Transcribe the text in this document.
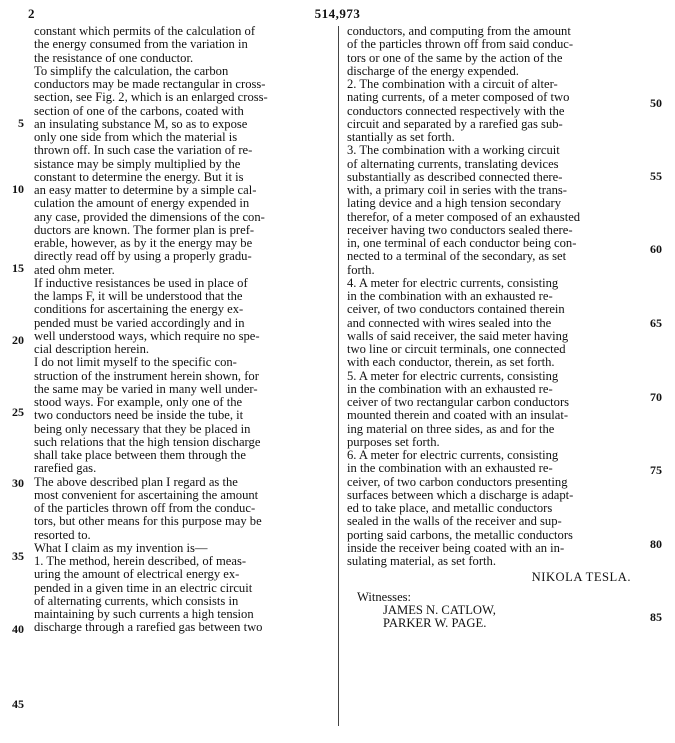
2	514,973
constant which permits of the calculation of
the energy consumed from the variation in
the resistance of one conductor.
To simplify the calculation, the carbon
conductors may be made rectangular in cross-
section, see Fig. 2, which is an enlarged cross-
section of one of the carbons, coated with
an insulating substance M, so as to expose
only one side from which the material is
thrown off. In such case the variation of re-
sistance may be simply multiplied by the
constant to determine the energy. But it is
an easy matter to determine by a simple cal-
culation the amount of energy expended in
any case, provided the dimensions of the con-
ductors are known. The former plan is pref-
erable, however, as by it the energy may be
directly read off by using a properly gradu-
ated ohm meter.
If inductive resistances be used in place of
the lamps F, it will be understood that the
conditions for ascertaining the energy ex-
pended must be varied accordingly and in
well understood ways, which require no spe-
cial description herein.
I do not limit myself to the specific con-
struction of the instrument herein shown, for
the same may be varied in many well under-
stood ways. For example, only one of the
two conductors need be inside the tube, it
being only necessary that they be placed in
such relations that the high tension discharge
shall take place between them through the
rarefied gas.
The above described plan I regard as the
most convenient for ascertaining the amount
of the particles thrown off from the conduc-
tors, but other means for this purpose may be
resorted to.
What I claim as my invention is—
1. The method, herein described, of meas-
uring the amount of electrical energy ex-
pended in a given time in an electric circuit
of alternating currents, which consists in
maintaining by such currents a high tension
discharge through a rarefied gas between two
conductors, and computing from the amount
of the particles thrown off from said conduc-
tors or one of the same by the action of the
discharge of the energy expended.
2. The combination with a circuit of alter-
nating currents, of a meter composed of two
conductors connected respectively with the
circuit and separated by a rarefied gas sub-
stantially as set forth.
3. The combination with a working circuit
of alternating currents, translating devices
substantially as described connected there-
with, a primary coil in series with the trans-
lating device and a high tension secondary
therefor, of a meter composed of an exhausted
receiver having two conductors sealed there-
in, one terminal of each conductor being con-
nected to a terminal of the secondary, as set
forth.
4. A meter for electric currents, consisting
in the combination with an exhausted re-
ceiver, of two conductors contained therein
and connected with wires sealed into the
walls of said receiver, the said meter having
two line or circuit terminals, one connected
with each conductor, therein, as set forth.
5. A meter for electric currents, consisting
in the combination with an exhausted re-
ceiver of two rectangular carbon conductors
mounted therein and coated with an insulat-
ing material on three sides, as and for the
purposes set forth.
6. A meter for electric currents, consisting
in the combination with an exhausted re-
ceiver, of two carbon conductors presenting
surfaces between which a discharge is adapt-
ed to take place, and metallic conductors
sealed in the walls of the receiver and sup-
porting said carbons, the metallic conductors
inside the receiver being coated with an in-
sulating material, as set forth.
NIKOLA TESLA.
Witnesses:
JAMES N. CATLOW,
PARKER W. PAGE.
5
10
15
20
25
30
35
40
45
50
55
60
65
70
75
80
85
